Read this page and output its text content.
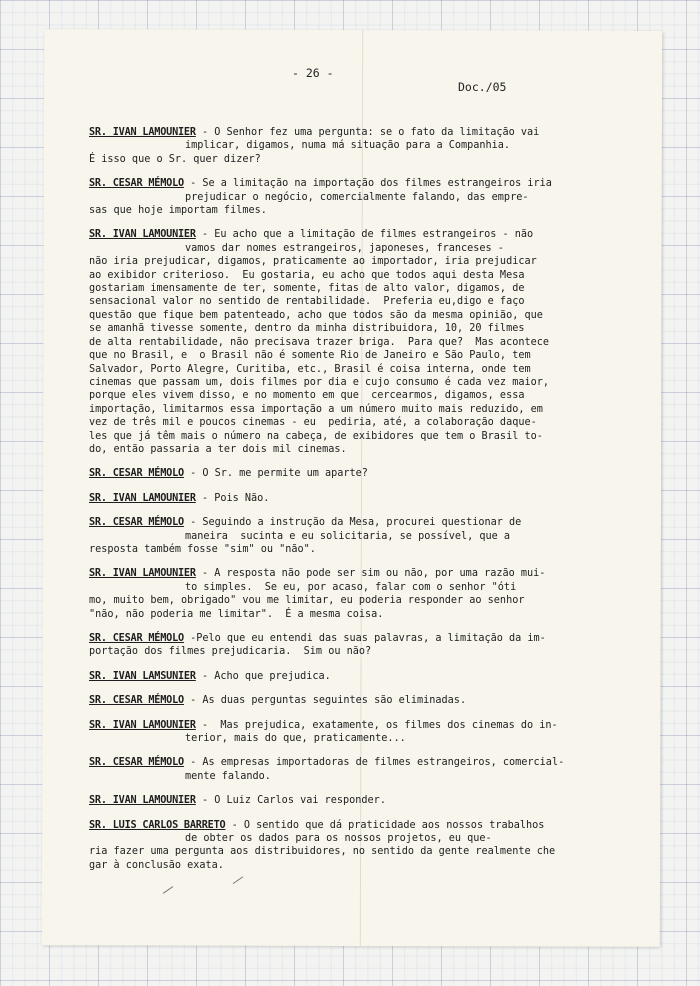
- 26 -
Doc./05

SR. IVAN LAMOUNIER - O Senhor fez uma pergunta: se o fato da limitação vai
implicar, digamos, numa má situação para a Companhia.
É isso que o Sr. quer dizer?

SR. CESAR MÉMOLO - Se a limitação na importação dos filmes estrangeiros iria
prejudicar o negócio, comercialmente falando, das empre-
sas que hoje importam filmes.

SR. IVAN LAMOUNIER - Eu acho que a limitação de filmes estrangeiros - não
vamos dar nomes estrangeiros, japoneses, franceses -
não iria prejudicar, digamos, praticamente ao importador, iria prejudicar
ao exibidor criterioso.  Eu gostaria, eu acho que todos aqui desta Mesa
gostariam imensamente de ter, somente, fitas de alto valor, digamos, de
sensacional valor no sentido de rentabilidade.  Preferia eu,digo e faço
questão que fique bem patenteado, acho que todos são da mesma opinião, que
se amanhã tivesse somente, dentro da minha distribuidora, 10, 20 filmes
de alta rentabilidade, não precisava trazer briga.  Para que?  Mas acontece
que no Brasil, e  o Brasil não é somente Rio de Janeiro e São Paulo, tem
Salvador, Porto Alegre, Curitiba, etc., Brasil é coisa interna, onde tem
cinemas que passam um, dois filmes por dia e cujo consumo é cada vez maior,
porque eles vivem disso, e no momento em que  cercearmos, digamos, essa
importação, limitarmos essa importação a um número muito mais reduzido, em
vez de três mil e poucos cinemas - eu  pediria, até, a colaboração daque-
les que já têm mais o número na cabeça, de exibidores que tem o Brasil to-
do, então passaria a ter dois mil cinemas.

SR. CESAR MÉMOLO - O Sr. me permite um aparte?

SR. IVAN LAMOUNIER - Pois Não.

SR. CESAR MÉMOLO - Seguindo a instrução da Mesa, procurei questionar de
maneira  sucinta e eu solicitaria, se possível, que a
resposta também fosse "sim" ou "não".

SR. IVAN LAMOUNIER - A resposta não pode ser sim ou não, por uma razão mui-
to simples.  Se eu, por acaso, falar com o senhor "óti
mo, muito bem, obrigado" vou me limitar, eu poderia responder ao senhor
"não, não poderia me limitar".  É a mesma coisa.

SR. CESAR MÉMOLO -Pelo que eu entendi das suas palavras, a limitação da im-
portação dos filmes prejudicaria.  Sim ou não?

SR. IVAN LAMSUNIER - Acho que prejudica.

SR. CESAR MÉMOLO - As duas perguntas seguintes são eliminadas.

SR. IVAN LAMOUNIER -  Mas prejudica, exatamente, os filmes dos cinemas do in-
terior, mais do que, praticamente...

SR. CESAR MÉMOLO - As empresas importadoras de filmes estrangeiros, comercial-
mente falando.

SR. IVAN LAMOUNIER - O Luiz Carlos vai responder.

SR. LUIS CARLOS BARRETO - O sentido que dá praticidade aos nossos trabalhos
de obter os dados para os nossos projetos, eu que-
ria fazer uma pergunta aos distribuidores, no sentido da gente realmente che
gar à conclusão exata.
